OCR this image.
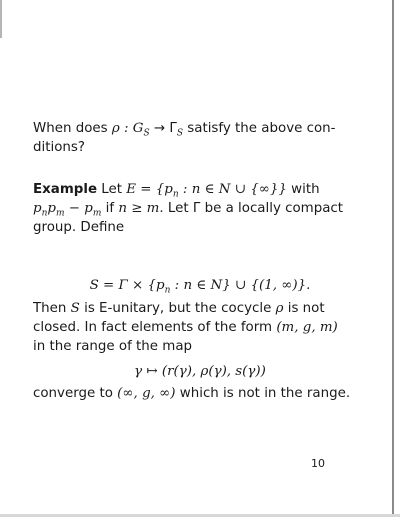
When does ρ : $G_S \to \Gamma_S$ satisfy the above con-
ditions?
Example Let $E = \{p_n$ : n ∈ N ∪ {∞}} with
$p_np_m - p_m$ if n ≥ m. Let Γ be a locally compact
group. Define
$S = \Gamma \times \{p_n$ : n ∈ N} ∪ {(1, ∞)}.
Then S is E-unitary, but the cocycle ρ is not
closed. In fact elements of the form (m, g, m)
in the range of the map
γ ↦ (r(γ), ρ(γ), s(γ))
converge to (∞, g, ∞) which is not in the range.
10
